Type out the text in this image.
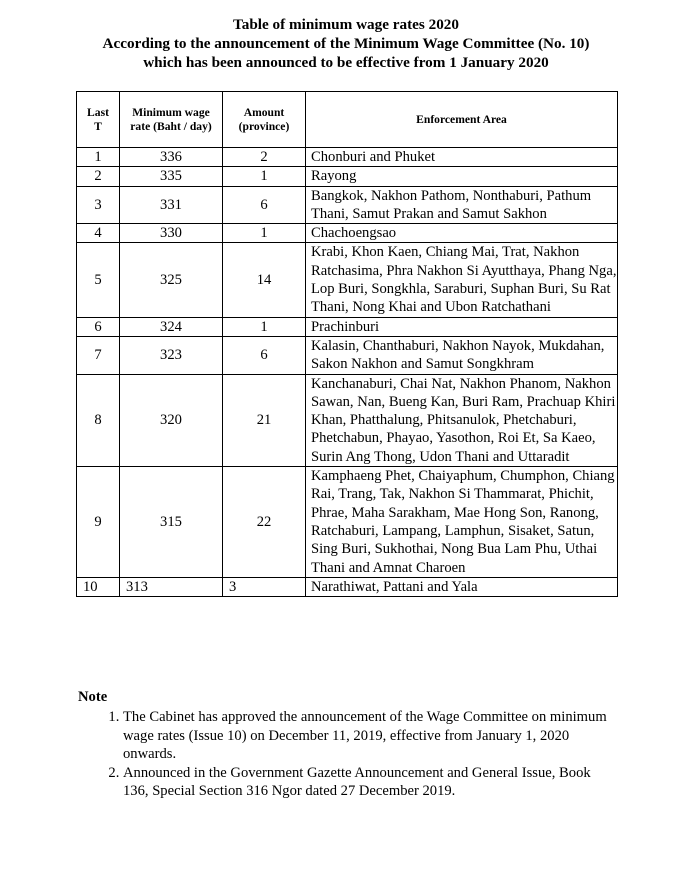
Table of minimum wage rates 2020
According to the announcement of the Minimum Wage Committee (No. 10)
which has been announced to be effective from 1 January 2020
Last T	Minimum wage rate (Baht / day)	Amount (province)	Enforcement Area
1	336	2	Chonburi and Phuket
2	335	1	Rayong
3	331	6	Bangkok, Nakhon Pathom, Nonthaburi, Pathum Thani, Samut Prakan and Samut Sakhon
4	330	1	Chachoengsao
5	325	14	Krabi, Khon Kaen, Chiang Mai, Trat, Nakhon Ratchasima, Phra Nakhon Si Ayutthaya, Phang Nga, Lop Buri, Songkhla, Saraburi, Suphan Buri, Su Rat Thani, Nong Khai and Ubon Ratchathani
6	324	1	Prachinburi
7	323	6	Kalasin, Chanthaburi, Nakhon Nayok, Mukdahan, Sakon Nakhon and Samut Songkhram
8	320	21	Kanchanaburi, Chai Nat, Nakhon Phanom, Nakhon Sawan, Nan, Bueng Kan, Buri Ram, Prachuap Khiri Khan, Phatthalung, Phitsanulok, Phetchaburi, Phetchabun, Phayao, Yasothon, Roi Et, Sa Kaeo, Surin Ang Thong, Udon Thani and Uttaradit
9	315	22	Kamphaeng Phet, Chaiyaphum, Chumphon, Chiang Rai, Trang, Tak, Nakhon Si Thammarat, Phichit, Phrae, Maha Sarakham, Mae Hong Son, Ranong, Ratchaburi, Lampang, Lamphun, Sisaket, Satun, Sing Buri, Sukhothai, Nong Bua Lam Phu, Uthai Thani and Amnat Charoen
10	313	3	Narathiwat, Pattani and Yala
Note
1. The Cabinet has approved the announcement of the Wage Committee on minimum wage rates (Issue 10) on December 11, 2019, effective from January 1, 2020 onwards.
2. Announced in the Government Gazette Announcement and General Issue, Book 136, Special Section 316 Ngor dated 27 December 2019.
